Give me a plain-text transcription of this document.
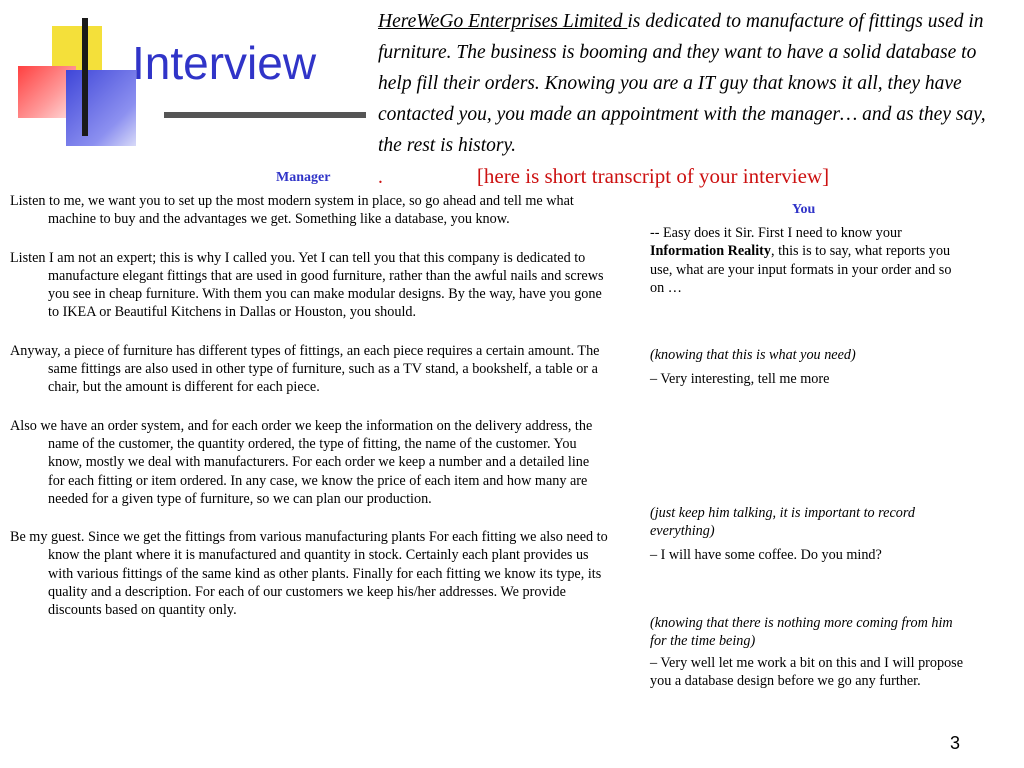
Interview
HereWeGo Enterprises Limited is dedicated to manufacture of fittings used in furniture. The business is booming and they want to have a solid database to help fill their orders. Knowing you are a IT guy that knows it all, they have contacted you, you made an appointment with the manager… and as they say, the rest is history.
.	[here is short transcript of your interview]
Manager

Listen to me, we want you to set up the most modern system in place, so go ahead and tell me what machine to buy and the advantages we get. Something like a database, you know.

Listen I am not an expert; this is why I called you. Yet I can tell you that this company is dedicated to manufacture elegant fittings that are used in good furniture, rather than the awful nails and screws you see in cheap furniture. With them you can make modular designs. By the way, have you gone to IKEA or Beautiful Kitchens in Dallas or Houston, you should.

Anyway, a piece of furniture has different types of fittings, an each piece requires a certain amount. The same fittings are also used in other type of furniture, such as a TV stand, a bookshelf, a table or a chair, but the amount is different for each piece.

Also we have an order system, and for each order we keep the information on the delivery address, the name of the customer, the quantity ordered, the type of fitting, the name of the customer. You know, mostly we deal with manufacturers. For each order we keep a number and a detailed line for each fitting or item ordered. In any case, we know the price of each item and how many are needed for a given type of furniture, so we can plan our production.

Be my guest. Since we get the fittings from various manufacturing plants For each fitting we also need to know the plant where it is manufactured and quantity in stock. Certainly each plant provides us with various fittings of the same kind as other plants. Finally for each fitting we know its type, its quality and a description. For each of our customers we keep his/her addresses. We provide discounts based on quantity only.

You
-- Easy does it Sir. First I need to know your Information Reality, this is to say, what reports you use, what are your input formats in your order and so on …

(knowing that this is what you need)

– Very interesting, tell me more

(just keep him talking, it is important to record everything)

– I will have some coffee. Do you mind?

(knowing that there is nothing more coming from him for the time being)

– Very well let me work a bit on this and I will propose you a database design before we go any further.

3
